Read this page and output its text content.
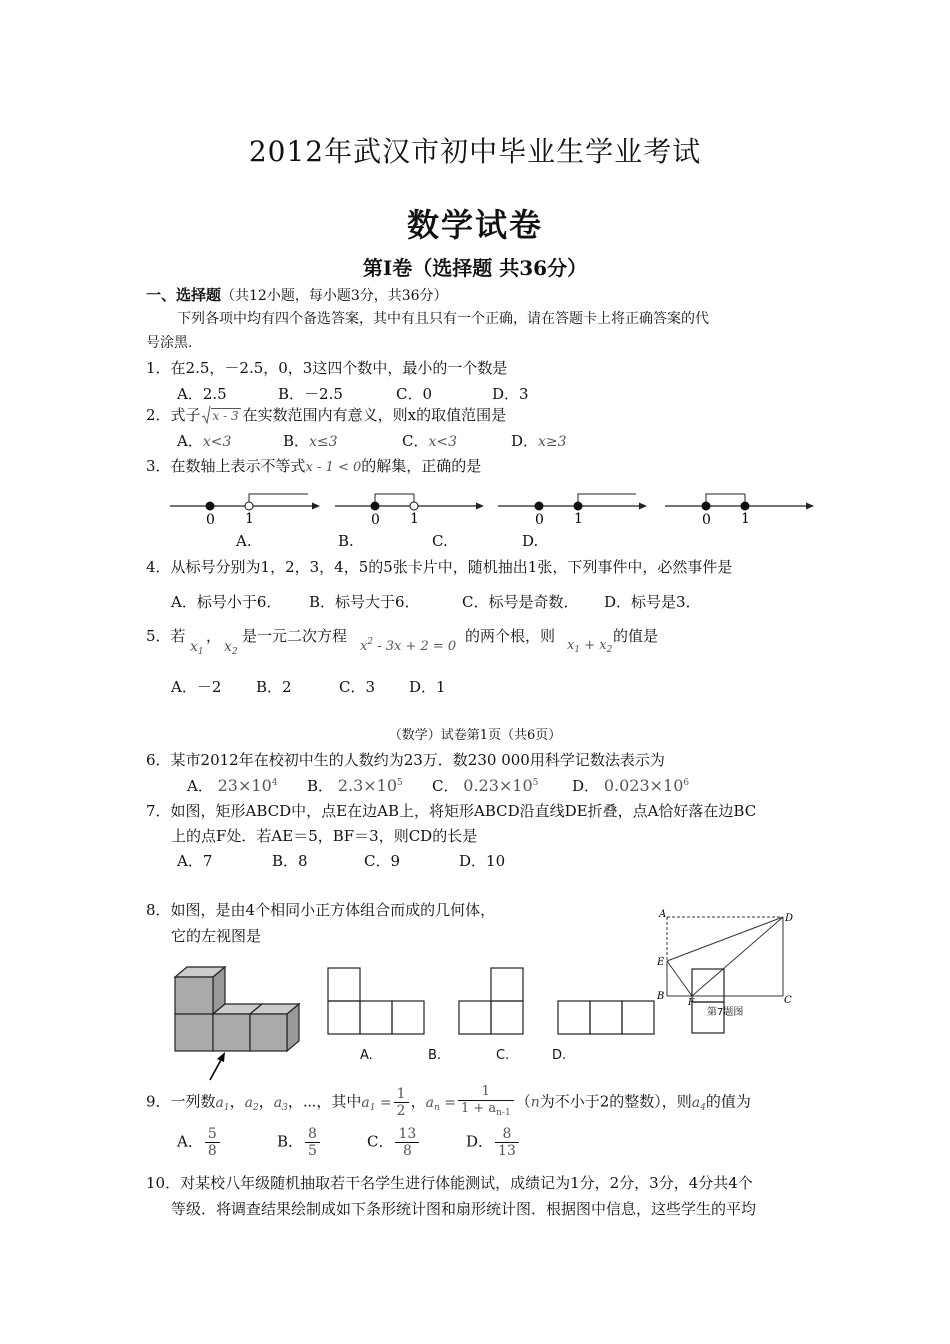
2012年武汉市初中毕业生学业考试
数学试卷
第Ⅰ卷（选择题 共36分）
一、选择题（共12小题，每小题3分，共36分）
下列各项中均有四个备选答案，其中有且只有一个正确，请在答题卡上将正确答案的代
号涂黑.
1．在2.5，－2.5，0，3这四个数中，最小的一个数是
A．2.5	B．－2.5	C．0	D．3
2．式子 x - 3 在实数范围内有意义，则x的取值范围是
A．x<3	B．x≤3	C．x<3	D．x≥3
3．在数轴上表示不等式x - 1 < 0的解集，正确的是
0 1	0 1	0 1	0 1
A.	B.	C.	D.
4．从标号分别为1，2，3，4，5的5张卡片中，随机抽出1张，下列事件中，必然事件是
A．标号小于6． B．标号大于6．	C．标号是奇数． D．标号是3．
5．若
$x_1$
，
$x_2$
是一元二次方程
$x^2 - 3x + 2 = 0$
的两个根，则
$x_1 + x_2$
的值是
A．－2 B．2	C．3 D．1
（数学）试卷第1页（共6页）
6．某市2012年在校初中生的人数约为23万．数230 000用科学记数法表示为
A． $23\times 10^4$ B． $2.3\times 10^5$ C． $0.23\times 10^5$ D． $0.023\times 10^6$
7．如图，矩形ABCD中，点E在边AB上，将矩形ABCD沿直线DE折叠，点A恰好落在边BC
上的点F处．若AE＝5，BF＝3，则CD的长是
A．7	B．8	C．9	D．10
A	D
E
B
F	C
第7题图
8．如图，是由4个相同小正方体组合而成的几何体，
它的左视图是
A.	B.	C.	D.
9．一列数$a_1$，$a_2$，$a_3$，⋯，其中$a_1 = \frac{1}{2}$ ，$a_n = \frac{1}{1 + a_{n-1}} (n$为不小于2的整数），则$a_4$的值为
A． $\frac{5}{8}$	B． $\frac{8}{5}$	C． $\frac{13}{8}$	D． $\frac{8}{13}$
10．对某校八年级随机抽取若干名学生进行体能测试，成绩记为1分，2分，3分，4分共4个
等级．将调查结果绘制成如下条形统计图和扇形统计图．根据图中信息，这些学生的平均
